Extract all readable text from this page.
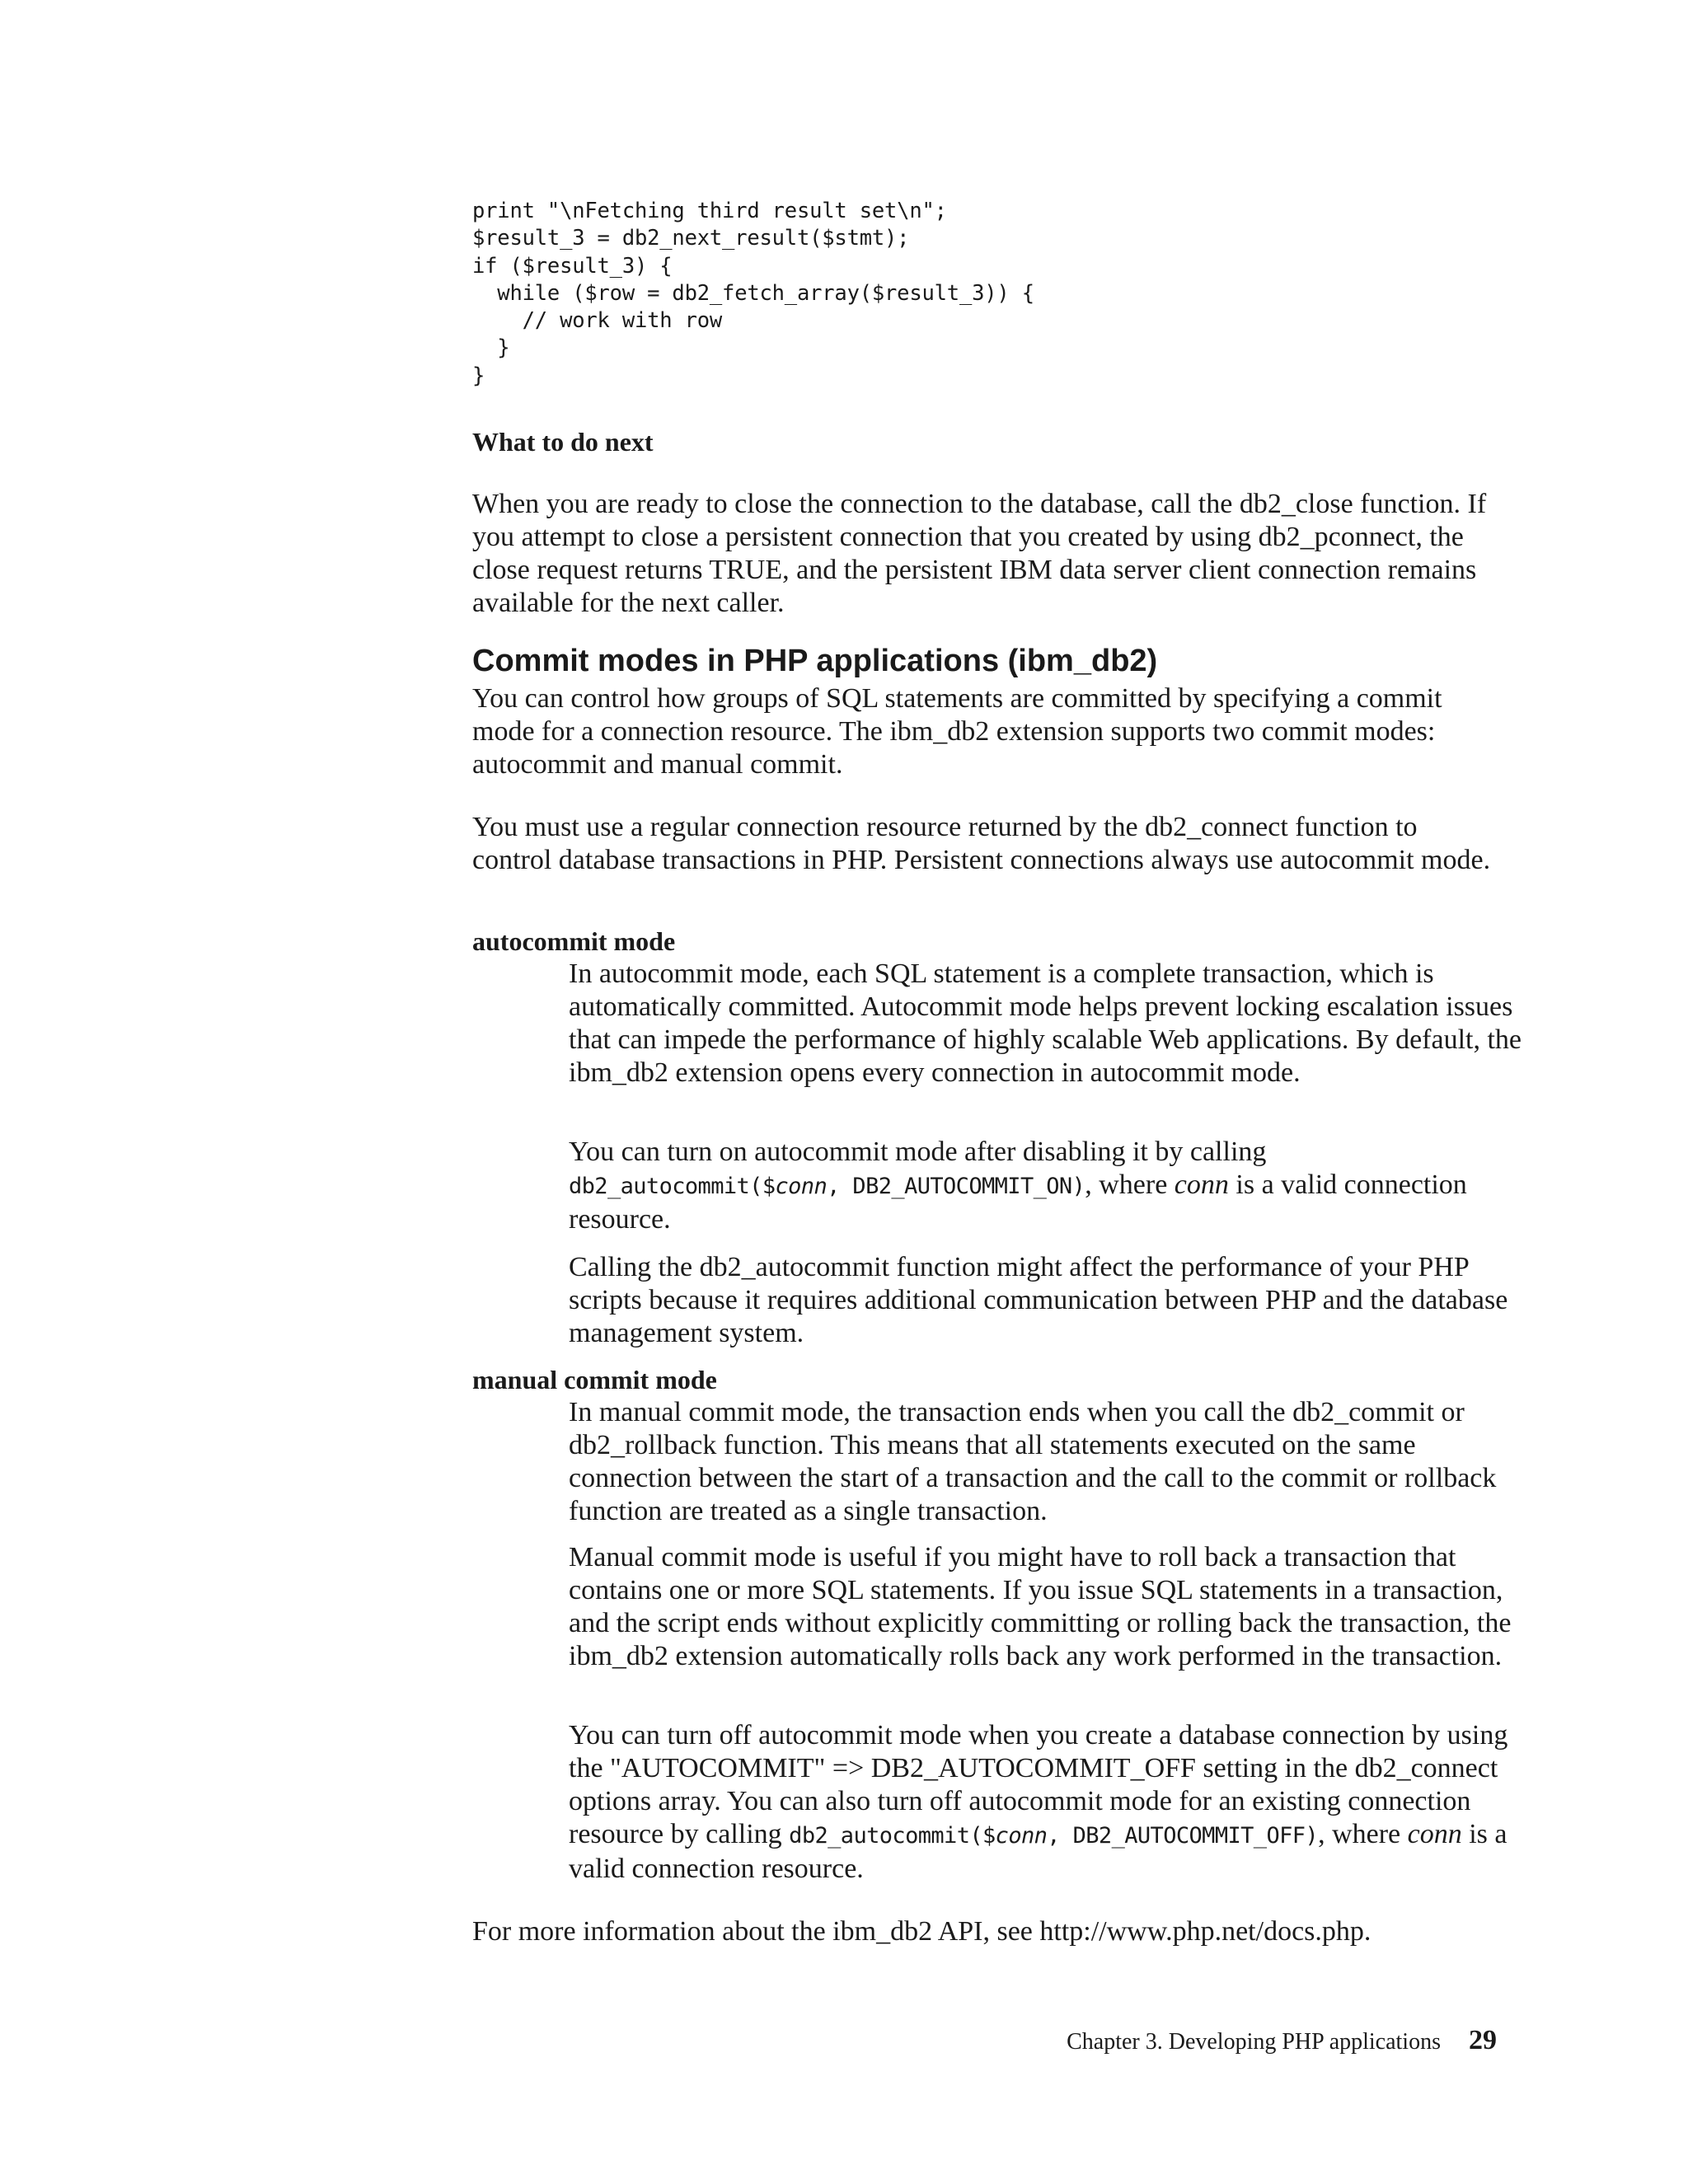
print "\nFetching third result set\n";
$result_3 = db2_next_result($stmt);
if ($result_3) {
while ($row = db2_fetch_array($result_3)) {
// work with row
}
}

What to do next

When you are ready to close the connection to the database, call the db2_close function. If you attempt to close a persistent connection that you created by using db2_pconnect, the close request returns TRUE, and the persistent IBM data server client connection remains available for the next caller.

Commit modes in PHP applications (ibm_db2)

You can control how groups of SQL statements are committed by specifying a commit mode for a connection resource. The ibm_db2 extension supports two commit modes: autocommit and manual commit.

You must use a regular connection resource returned by the db2_connect function to control database transactions in PHP. Persistent connections always use autocommit mode.

autocommit mode

In autocommit mode, each SQL statement is a complete transaction, which is automatically committed. Autocommit mode helps prevent locking escalation issues that can impede the performance of highly scalable Web applications. By default, the ibm_db2 extension opens every connection in autocommit mode.

You can turn on autocommit mode after disabling it by calling
db2_autocommit($conn, DB2_AUTOCOMMIT_ON), where conn is a valid connection resource.

Calling the db2_autocommit function might affect the performance of your PHP scripts because it requires additional communication between PHP and the database management system.

manual commit mode

In manual commit mode, the transaction ends when you call the db2_commit or db2_rollback function. This means that all statements executed on the same connection between the start of a transaction and the call to the commit or rollback function are treated as a single transaction.

Manual commit mode is useful if you might have to roll back a transaction that contains one or more SQL statements. If you issue SQL statements in a transaction, and the script ends without explicitly committing or rolling back the transaction, the ibm_db2 extension automatically rolls back any work performed in the transaction.

You can turn off autocommit mode when you create a database connection by using the "AUTOCOMMIT" => DB2_AUTOCOMMIT_OFF setting in the db2_connect options array. You can also turn off autocommit mode for an existing connection resource by calling db2_autocommit($conn, DB2_AUTOCOMMIT_OFF), where conn is a valid connection resource.

For more information about the ibm_db2 API, see http://www.php.net/docs.php.

Chapter 3. Developing PHP applications 29
